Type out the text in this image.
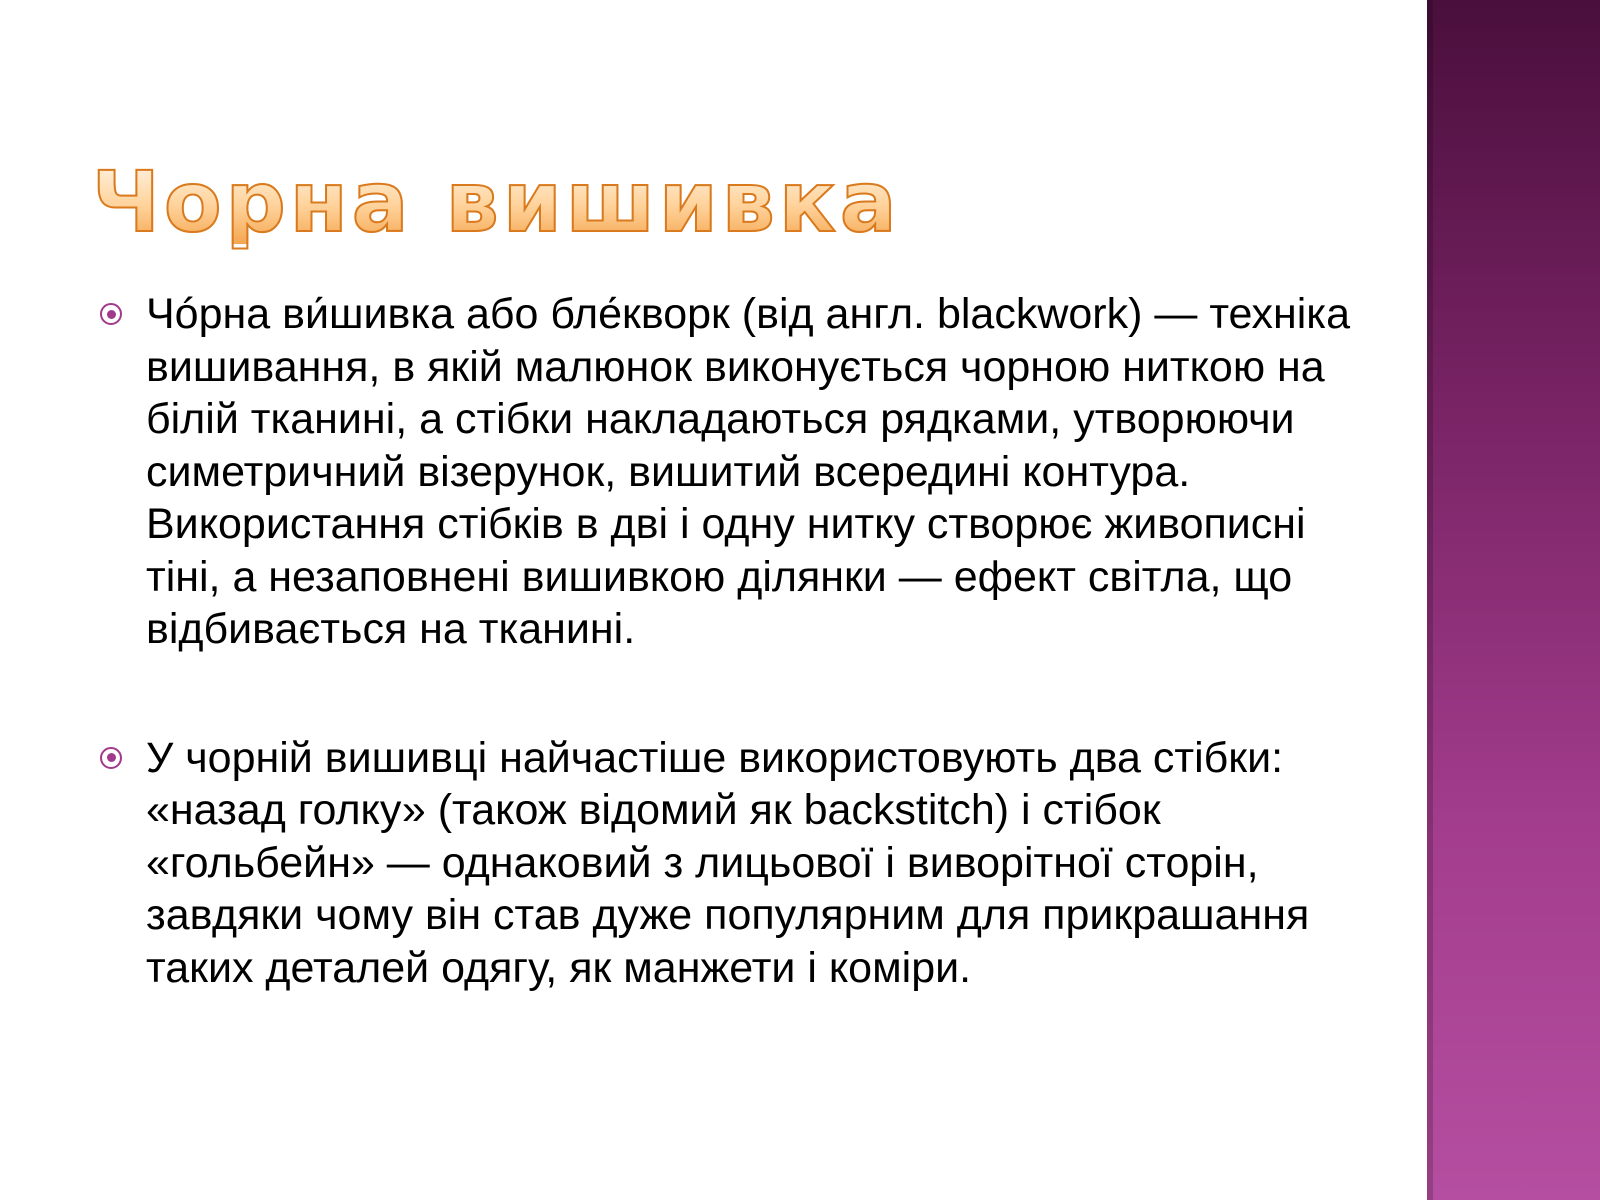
Чорна вишивка
Чóрна ви́шивка або бле́кворк (від англ. blackwork) — техніка вишивання, в якій малюнок виконується чорною ниткою на білій тканині, а стібки накладаються рядками, утворюючи симетричний візерунок, вишитий всередині контура. Використання стібків в дві і одну нитку створює живописні тіні, а незаповнені вишивкою ділянки — ефект світла, що відбивається на тканині.
У чорній вишивці найчастіше використовують два стібки: «назад голку» (також відомий як backstitch) і стібок «гольбейн» — однаковий з лицьової і виворітної сторін, завдяки чому він став дуже популярним для прикрашання таких деталей одягу, як манжети і коміри.
